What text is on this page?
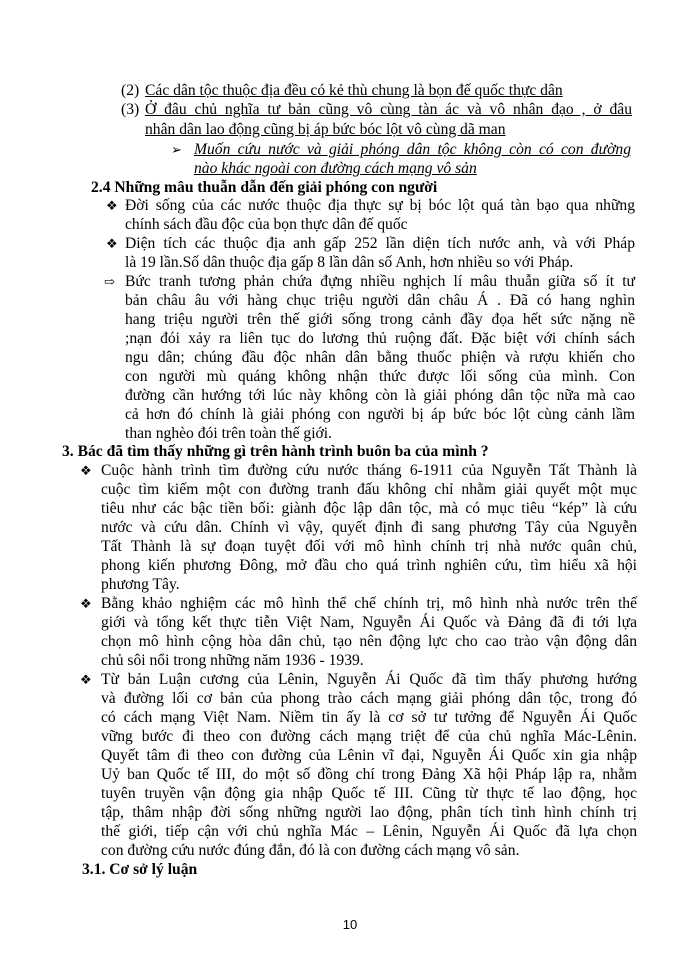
(2) Các dân tộc thuộc địa đều có kẻ thù chung là bọn đế quốc thực dân
(3) Ở đâu chủ nghĩa tư bản cũng vô cùng tàn ác và vô nhân đạo , ở đâu
nhân dân lao động cũng bị áp bức bóc lột vô cùng dã man
➢ Muốn cứu nước và giải phóng dân tộc không còn có con đường
nào khác ngoài con đường cách mạng vô sản
2.4 Những mâu thuẫn dẫn đến giải phóng con người
❖ Đời sống của các nước thuộc địa thực sự bị bóc lột quá tàn bạo qua những
chính sách đầu độc của bọn thực dân đế quốc
❖ Diện tích các thuộc địa anh gấp 252 lần diện tích nước anh, và với Pháp
là 19 lần.Số dân thuộc địa gấp 8 lần dân số Anh, hơn nhiều so với Pháp.
⇨ Bức tranh tương phản chứa đựng nhiều nghịch lí mâu thuẫn giữa số ít tư
bản châu âu với hàng chục triệu người dân châu Á . Đã có hang nghìn
hang triệu người trên thế giới sống trong cảnh đầy đọa hết sức nặng nề
;nạn đói xảy ra liên tục do lương thủ ruộng đất. Đặc biệt với chính sách
ngu dân; chúng đầu độc nhân dân bằng thuốc phiện và rượu khiến cho
con người mù quáng không nhận thức được lối sống của mình. Con
đường cần hướng tới lúc này không còn là giải phóng dân tộc nữa mà cao
cả hơn đó chính là giải phóng con người bị áp bức bóc lột cùng cảnh lầm
than nghèo đói trên toàn thế giới.
3. Bác đã tìm thấy những gì trên hành trình buôn ba của mình ?
❖ Cuộc hành trình tìm đường cứu nước tháng 6-1911 của Nguyễn Tất Thành là
cuộc tìm kiếm một con đường tranh đấu không chỉ nhằm giải quyết một mục
tiêu như các bậc tiền bối: giành độc lập dân tộc, mà có mục tiêu “kép” là cứu
nước và cứu dân. Chính vì vậy, quyết định đi sang phương Tây của Nguyễn
Tất Thành là sự đoạn tuyệt đối với mô hình chính trị nhà nước quân chủ,
phong kiến phương Đông, mở đầu cho quá trình nghiên cứu, tìm hiểu xã hội
phương Tây.
❖ Bằng khảo nghiệm các mô hình thể chế chính trị, mô hình nhà nước trên thế
giới và tổng kết thực tiễn Việt Nam, Nguyễn Ái Quốc và Đảng đã đi tới lựa
chọn mô hình cộng hòa dân chủ, tạo nên động lực cho cao trào vận động dân
chủ sôi nổi trong những năm 1936 - 1939.
❖ Từ bản Luận cương của Lênin, Nguyễn Ái Quốc đã tìm thấy phương hướng
và đường lối cơ bản của phong trào cách mạng giải phóng dân tộc, trong đó
có cách mạng Việt Nam. Niềm tin ấy là cơ sở tư tưởng để Nguyễn Ái Quốc
vững bước đi theo con đường cách mạng triệt để của chủ nghĩa Mác-Lênin.
Quyết tâm đi theo con đường của Lênin vĩ đại, Nguyễn Ái Quốc xin gia nhập
Uỷ ban Quốc tế III, do một số đồng chí trong Đảng Xã hội Pháp lập ra, nhằm
tuyên truyền vận động gia nhập Quốc tế III. Cũng từ thực tế lao động, học
tập, thâm nhập đời sống những người lao động, phân tích tình hình chính trị
thế giới, tiếp cận với chủ nghĩa Mác – Lênin, Nguyễn Ái Quốc đã lựa chọn
con đường cứu nước đúng đắn, đó là con đường cách mạng vô sản.
3.1. Cơ sở lý luận
10
